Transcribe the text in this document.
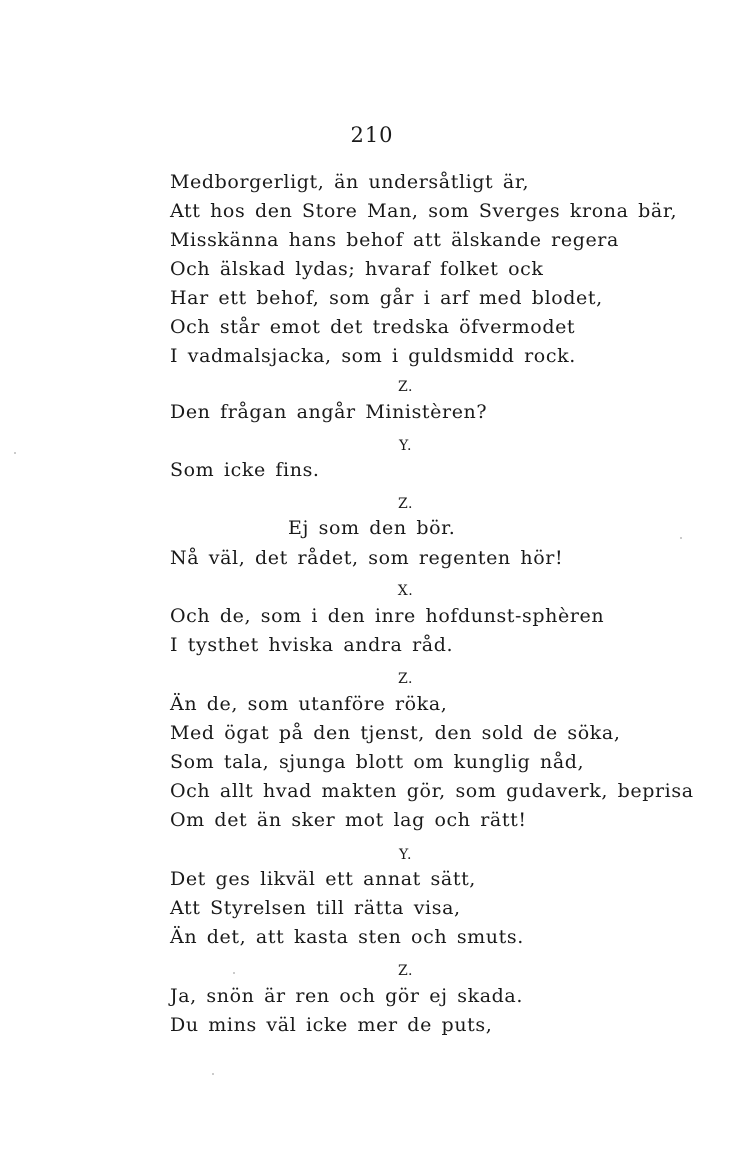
210
Medborgerligt, än undersåtligt är,
Att hos den Store Man, som Sverges krona bär,
Misskänna hans behof att älskande regera
Och älskad lydas; hvaraf folket ock
Har ett behof, som går i arf med blodet,
Och står emot det tredska öfvermodet
I vadmalsjacka, som i guldsmidd rock.
Z.
Den frågan angår Ministèren?
Y.
Som icke fins.
Z.
Ej som den bör.
Nå väl, det rådet, som regenten hör!
X.
Och de, som i den inre hofdunst-sphèren
I tysthet hviska andra råd.
Z.
Än de, som utanföre röka,
Med ögat på den tjenst, den sold de söka,
Som tala, sjunga blott om kunglig nåd,
Och allt hvad makten gör, som gudaverk, beprisa
Om det än sker mot lag och rätt!
Y.
Det ges likväl ett annat sätt,
Att Styrelsen till rätta visa,
Än det, att kasta sten och smuts.
Z.
Ja, snön är ren och gör ej skada.
Du mins väl icke mer de puts,
